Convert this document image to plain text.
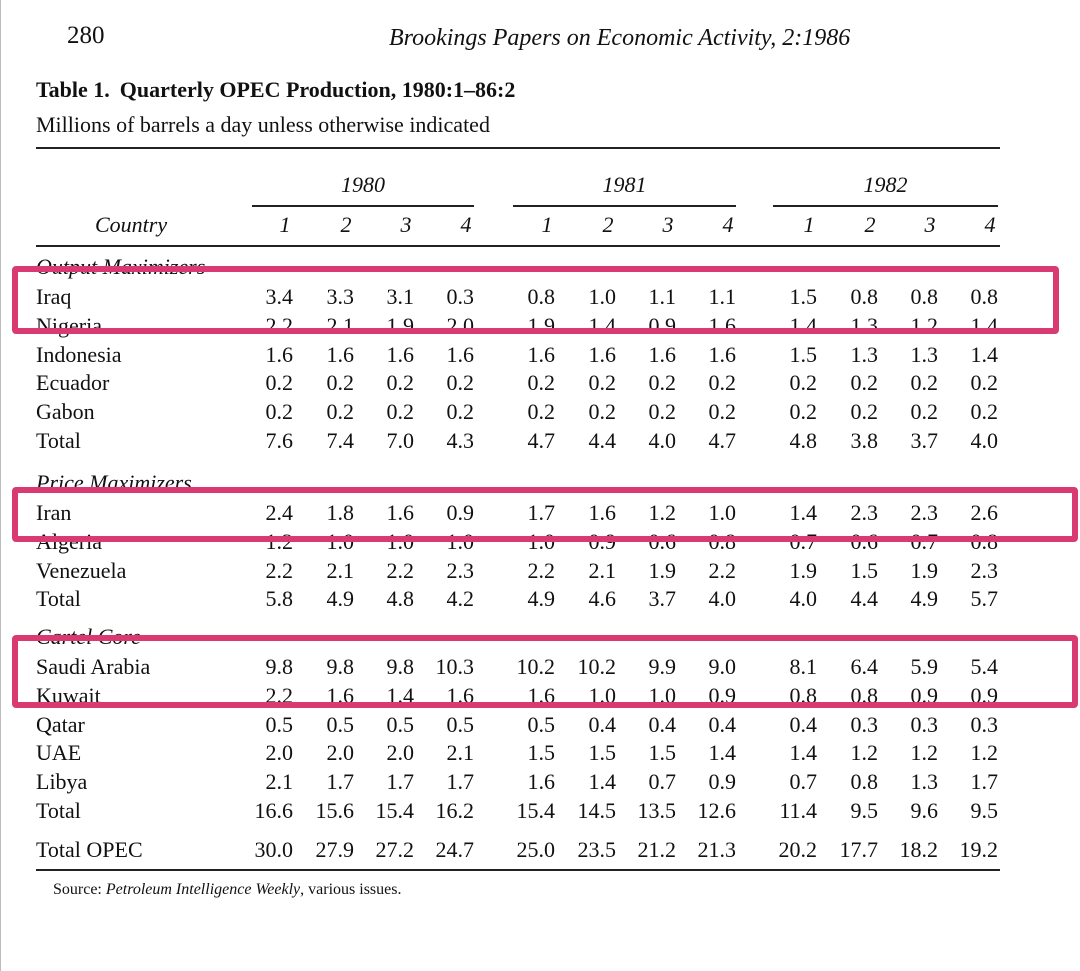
280	Brookings Papers on Economic Activity, 2:1986
Table 1. Quarterly OPEC Production, 1980:1–86:2
Millions of barrels a day unless otherwise indicated
1980	1981	1982
Country	1	2	3	4	1	2	3	4	1	2	3	4
Output Maximizers
Iraq	3.4	3.3	3.1	0.3	0.8	1.0	1.1	1.1	1.5	0.8	0.8	0.8
Nigeria	2.2	2.1	1.9	2.0	1.9	1.4	0.9	1.6	1.4	1.3	1.2	1.4
Indonesia	1.6	1.6	1.6	1.6	1.6	1.6	1.6	1.6	1.5	1.3	1.3	1.4
Ecuador	0.2	0.2	0.2	0.2	0.2	0.2	0.2	0.2	0.2	0.2	0.2	0.2
Gabon	0.2	0.2	0.2	0.2	0.2	0.2	0.2	0.2	0.2	0.2	0.2	0.2
Total	7.6	7.4	7.0	4.3	4.7	4.4	4.0	4.7	4.8	3.8	3.7	4.0
Price Maximizers
Iran	2.4	1.8	1.6	0.9	1.7	1.6	1.2	1.0	1.4	2.3	2.3	2.6
Algeria	1.2	1.0	1.0	1.0	1.0	0.9	0.6	0.8	0.7	0.6	0.7	0.8
Venezuela	2.2	2.1	2.2	2.3	2.2	2.1	1.9	2.2	1.9	1.5	1.9	2.3
Total	5.8	4.9	4.8	4.2	4.9	4.6	3.7	4.0	4.0	4.4	4.9	5.7
Cartel Core
Saudi Arabia	9.8	9.8	9.8 10.3	10.2	10.2	9.9	9.0	8.1	6.4	5.9	5.4
Kuwait	2.2	1.6	1.4	1.6	1.6	1.0	1.0	0.9	0.8	0.8	0.9	0.9
Qatar	0.5	0.5	0.5	0.5	0.5	0.4	0.4	0.4	0.4	0.3	0.3	0.3
UAE	2.0	2.0	2.0	2.1	1.5	1.5	1.5	1.4	1.4	1.2	1.2	1.2
Libya	2.1	1.7	1.7	1.7	1.6	1.4	0.7	0.9	0.7	0.8	1.3	1.7
Total	16.6	15.6 15.4 16.2	15.4	14.5 13.5 12.6	11.4	9.5	9.6	9.5
Total OPEC	30.0	27.9 27.2 24.7	25.0	23.5 21.2 21.3	20.2	17.7 18.2 19.2
Source: Petroleum Intelligence Weekly, various issues.
